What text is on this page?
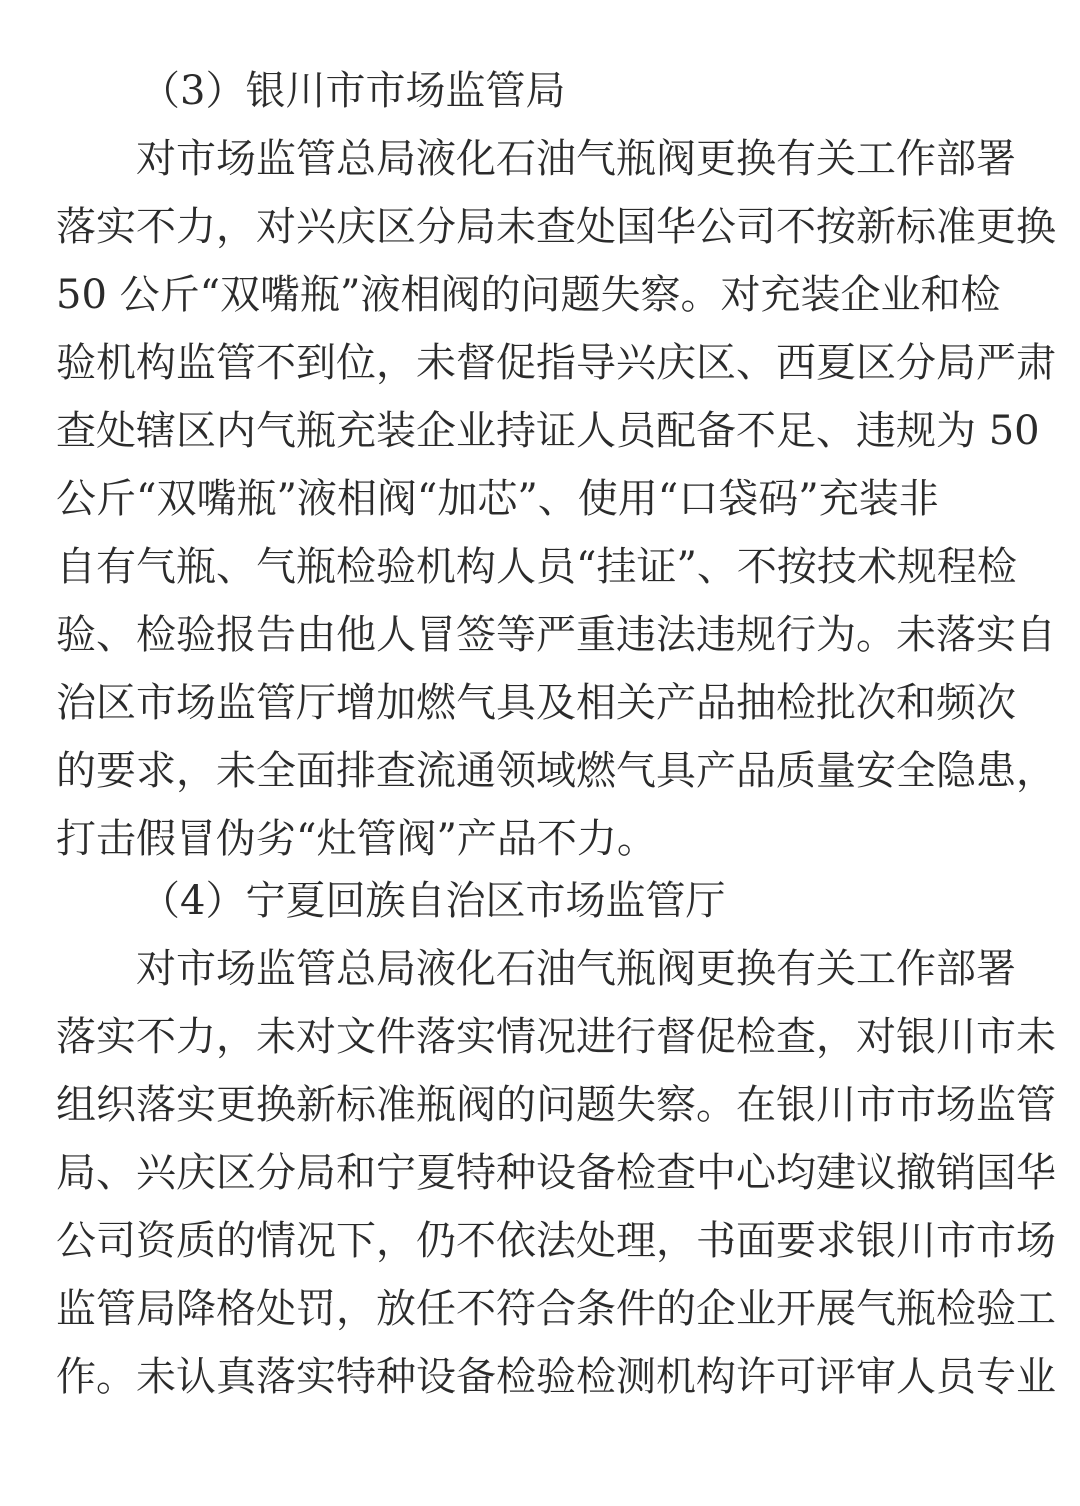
（3）银川市市场监管局
对市场监管总局液化石油气瓶阀更换有关工作部署
落实不力，对兴庆区分局未查处国华公司不按新标准更换
50 公斤“双嘴瓶”液相阀的问题失察。对充装企业和检
验机构监管不到位，未督促指导兴庆区、西夏区分局严肃
查处辖区内气瓶充装企业持证人员配备不足、违规为 50
公斤“双嘴瓶”液相阀“加芯”、使用“口袋码”充装非
自有气瓶、气瓶检验机构人员“挂证”、不按技术规程检
验、检验报告由他人冒签等严重违法违规行为。未落实自
治区市场监管厅增加燃气具及相关产品抽检批次和频次
的要求，未全面排查流通领域燃气具产品质量安全隐患，
打击假冒伪劣“灶管阀”产品不力。
（4）宁夏回族自治区市场监管厅
对市场监管总局液化石油气瓶阀更换有关工作部署
落实不力，未对文件落实情况进行督促检查，对银川市未
组织落实更换新标准瓶阀的问题失察。在银川市市场监管
局、兴庆区分局和宁夏特种设备检查中心均建议撤销国华
公司资质的情况下，仍不依法处理，书面要求银川市市场
监管局降格处罚，放任不符合条件的企业开展气瓶检验工
作。未认真落实特种设备检验检测机构许可评审人员专业
